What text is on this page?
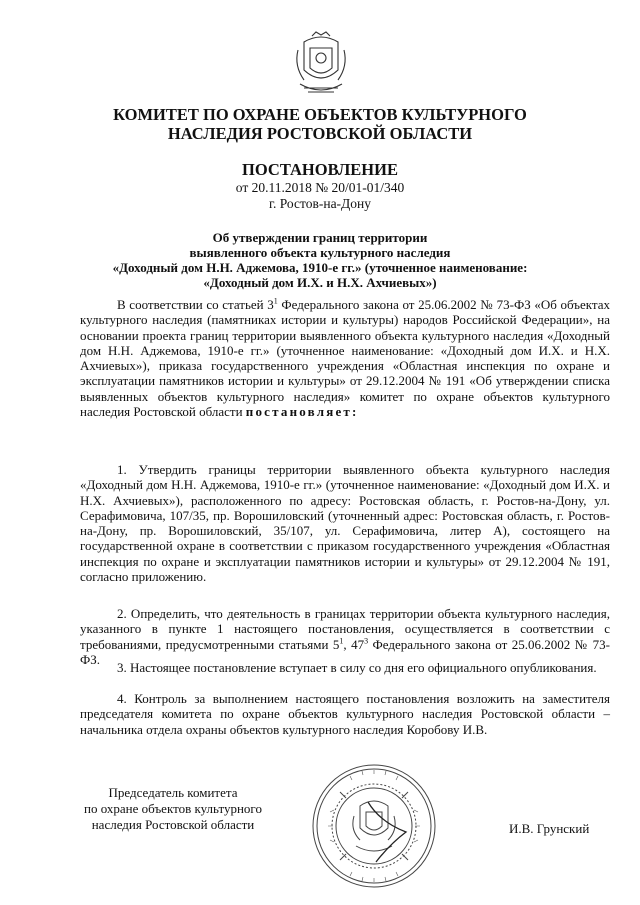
КОМИТЕТ ПО ОХРАНЕ ОБЪЕКТОВ КУЛЬТУРНОГО
НАСЛЕДИЯ РОСТОВСКОЙ ОБЛАСТИ
ПОСТАНОВЛЕНИЕ
от 20.11.2018 № 20/01-01/340
г. Ростов-на-Дону
Об утверждении границ территории
выявленного объекта культурного наследия
«Доходный дом Н.Н. Аджемова, 1910-е гг.» (уточненное наименование:
«Доходный дом И.Х. и Н.Х. Ахчиевых»)

В соответствии со статьей $3^1$ Федерального закона от 25.06.2002 № 73-ФЗ «Об объектах культурного наследия (памятниках истории и культуры) народов Российской Федерации», на основании проекта границ территории выявленного объекта культурного наследия «Доходный дом Н.Н. Аджемова, 1910-е гг.» (уточненное наименование: «Доходный дом И.Х. и Н.Х. Ахчиевых»), приказа государственного учреждения «Областная инспекция по охране и эксплуатации памятников истории и культуры» от 29.12.2004 № 191 «Об утверждении списка выявленных объектов культурного наследия» комитет по охране объектов культурного наследия Ростовской области постановляет:

1. Утвердить границы территории выявленного объекта культурного наследия «Доходный дом Н.Н. Аджемова, 1910-е гг.» (уточненное наименование: «Доходный дом И.Х. и Н.Х. Ахчиевых»), расположенного по адресу: Ростовская область, г. Ростов-на-Дону, ул. Серафимовича, 107/35, пр. Ворошиловский (уточненный адрес: Ростовская область, г. Ростов-на-Дону, пр. Ворошиловский, 35/107, ул. Серафимовича, литер А), состоящего на государственной охране в соответствии с приказом государственного учреждения «Областная инспекция по охране и эксплуатации памятников истории и культуры» от 29.12.2004 № 191, согласно приложению.

2. Определить, что деятельность в границах территории объекта культурного наследия, указанного в пункте 1 настоящего постановления, осуществляется в соответствии с требованиями, предусмотренными статьями $5^1$, $47^3$ Федерального закона от 25.06.2002 № 73-ФЗ.

3. Настоящее постановление вступает в силу со дня его официального опубликования.

4. Контроль за выполнением настоящего постановления возложить на заместителя председателя комитета по охране объектов культурного наследия Ростовской области – начальника отдела охраны объектов культурного наследия Коробову И.В.

Председатель комитета
по охране объектов культурного
наследия Ростовской области	И.В. Грунский
